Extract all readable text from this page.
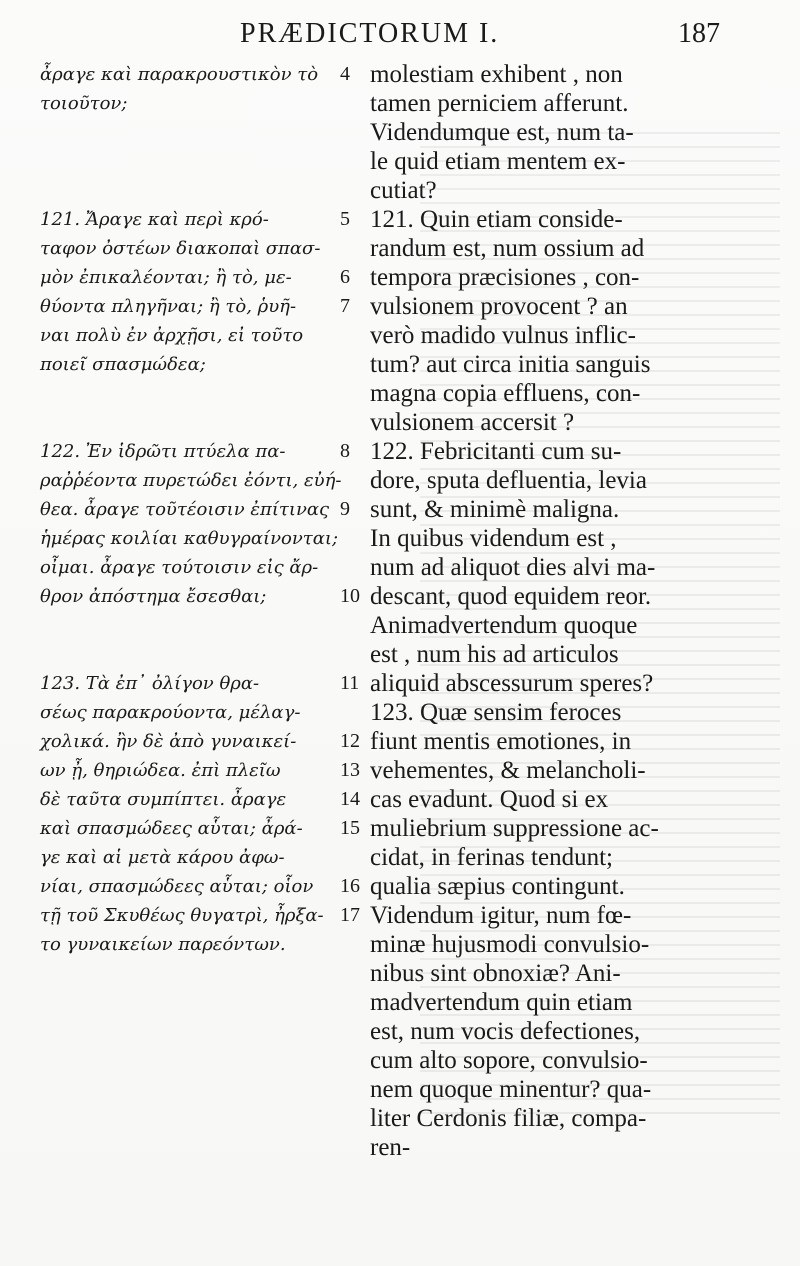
PRÆDICTORUM I.	187
ἆραγε καὶ παρακρουστικὸν τὸ
τοιοῦτον;
121. Ἄραγε καὶ περὶ κρό-
ταφον ὀστέων διακοπαὶ σπασ-
μὸν ἐπικαλέονται; ἢ τὸ, με-
θύοντα πληγῆναι; ἢ τὸ, ῥυῆ-
ναι πολὺ ἐν ἀρχῇσι, εἰ τοῦτο
ποιεῖ σπασμώδεα;
122. Ἐν ἱδρῶτι πτύελα πα-
ραῤῥέοντα πυρετώδει ἐόντι, εὐή-
θεα. ἆραγε τοῦτέοισιν ἐπίτινας
ἡμέρας κοιλίαι καθυγραίνονται;
οἶμαι. ἆραγε τούτοισιν εἰς ἄρ-
θρον ἀπόστημα ἔσεσθαι;
123. Τὰ ἐπ᾽ ὀλίγον θρα-
σέως παρακρούοντα, μέλαγ-
χολικά. ἢν δὲ ἀπὸ γυναικεί-
ων ᾖ, θηριώδεα. ἐπὶ πλεῖω
δὲ ταῦτα συμπίπτει. ἆραγε
καὶ σπασμώδεες αὗται; ἆρά-
γε καὶ αἱ μετὰ κάρου ἀφω-
νίαι, σπασμώδεες αὗται; οἷον
τῇ τοῦ Σκυθέως θυγατρὶ, ἦρξα-
το γυναικείων παρεόντων.
4
5
6
7
8
9
10
11
12
13
14
15
16
17
molestiam exhibent , non
tamen perniciem afferunt.
Videndumque est, num ta-
le quid etiam mentem ex-
cutiat?
121. Quin etiam conside-
randum est, num ossium ad
tempora præcisiones , con-
vulsionem provocent ? an
verò madido vulnus inflic-
tum? aut circa initia sanguis
magna copia effluens, con-
vulsionem accersit ?
122. Febricitanti cum su-
dore, sputa defluentia, levia
sunt, & minimè maligna.
In quibus videndum est ,
num ad aliquot dies alvi ma-
descant, quod equidem reor.
Animadvertendum quoque
est , num his ad articulos
aliquid abscessurum speres?
123. Quæ sensim feroces
fiunt mentis emotiones, in
vehementes, & melancholi-
cas evadunt. Quod si ex
muliebrium suppressione ac-
cidat, in ferinas tendunt;
qualia sæpius contingunt.
Videndum igitur, num fœ-
minæ hujusmodi convulsio-
nibus sint obnoxiæ? Ani-
madvertendum quin etiam
est, num vocis defectiones,
cum alto sopore, convulsio-
nem quoque minentur? qua-
liter Cerdonis filiæ, compa-
ren-
